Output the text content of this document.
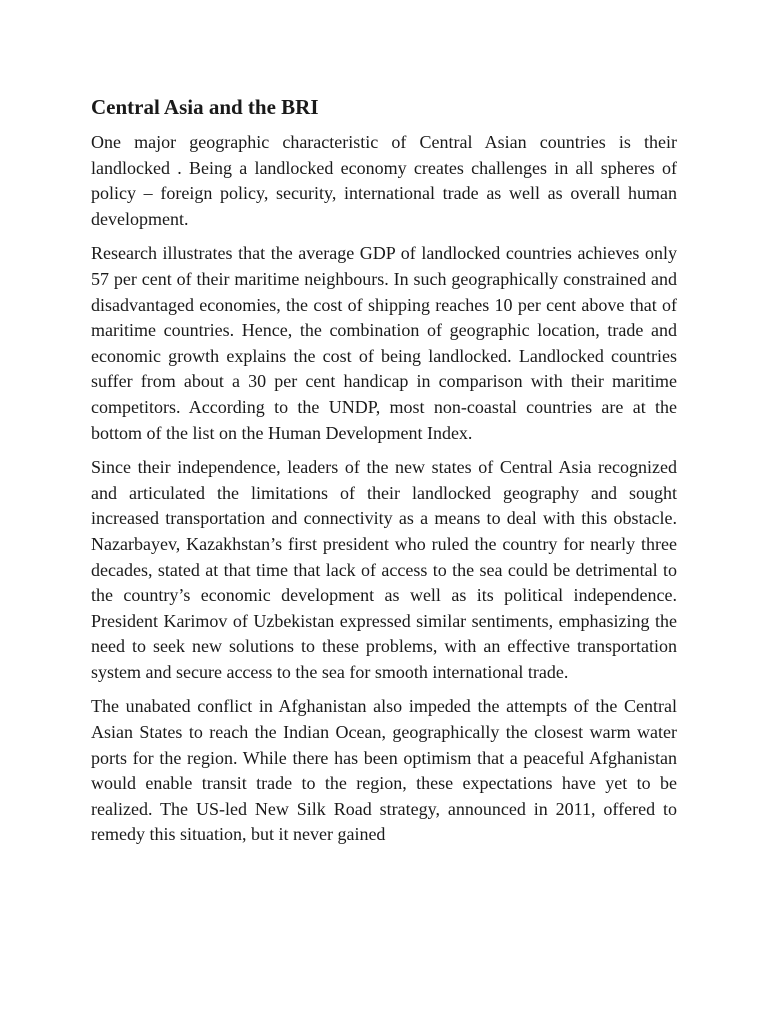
Central Asia and the BRI

One major geographic characteristic of Central Asian countries is their landlocked . Being a landlocked economy creates challenges in all spheres of policy – foreign policy, security, international trade as well as overall human development.

Research illustrates that the average GDP of landlocked countries achieves only 57 per cent of their maritime neighbours. In such geographically constrained and disadvantaged economies, the cost of shipping reaches 10 per cent above that of maritime countries. Hence, the combination of geographic location, trade and economic growth explains the cost of being landlocked. Landlocked countries suffer from about a 30 per cent handicap in comparison with their maritime competitors. According to the UNDP, most non-coastal countries are at the bottom of the list on the Human Development Index.

Since their independence, leaders of the new states of Central Asia recognized and articulated the limitations of their landlocked geography and sought increased transportation and connectivity as a means to deal with this obstacle. Nazarbayev, Kazakhstan’s first president who ruled the country for nearly three decades, stated at that time that lack of access to the sea could be detrimental to the country’s economic development as well as its political independence. President Karimov of Uzbekistan expressed similar sentiments, emphasizing the need to seek new solutions to these problems, with an effective transportation system and secure access to the sea for smooth international trade.

The unabated conflict in Afghanistan also impeded the attempts of the Central Asian States to reach the Indian Ocean, geographically the closest warm water ports for the region. While there has been optimism that a peaceful Afghanistan would enable transit trade to the region, these expectations have yet to be realized. The US-led New Silk Road strategy, announced in 2011, offered to remedy this situation, but it never gained
